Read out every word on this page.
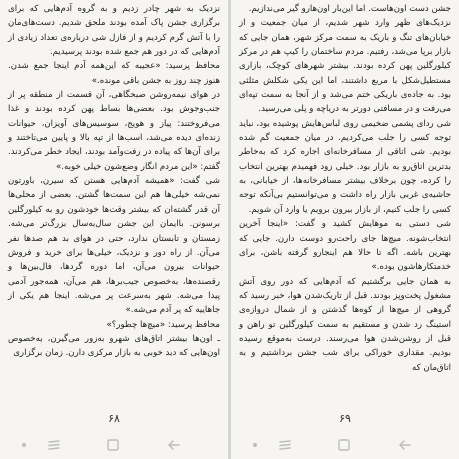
نزدیک به شهر چادر زدیم و به گروه آدم‌هایی که برای برگزاری جشن پاک آمده بودند ملحق شدیم. دست‌های‌مان را با آتش گرم کردیم و از فازل شی درباره‌ی تعداد زیادی از آدم‌هایی که در دور هم جمع شده بودند پرسیدیم.

محافظ پرسید: «عجیبه که این‌همه آدم اینجا جمع شدن. هنوز چند روز به جشن باقی مونده.»

در هوای نیمه‌روشن صبحگاهی، آن قسمت از منطقه پر از جنب‌وجوش بود. بعضی‌ها بساط پهن کرده بودند و غذا می‌فروختند: پیاز و هویج، سوسیس‌های آویزان، حیوانات زنده‌ای دیده می‌شد، اسب‌ها از تپه بالا و پایین می‌تاختند و برای آن‌ها که پیاده در رفت‌وآمد بودند، ایجاد خطر می‌کردند. گفتم: «این مردم انگار وضع‌شون خیلی خوبه.»

شی گفت: «همیشه آدم‌هایی هستن که سیرن، باورتون نمی‌شه خیلی‌ها هم این سمت‌ها گشتن. بعضی از محلی‌ها آن قدر گشته‌ان که بیشتر وقت‌ها خودشون رو به کیلورگلین برسونن. باایمان این جشن سال‌به‌سال بزرگ‌تر می‌شه. زمستان و تابستان ندارد، حتی در هوای بد هم صدها نفر می‌آن. از راه دور و نزدیک، خیلی‌ها برای خرید و فروش حیوانات بیرون می‌آن، اما دوره گردها، فال‌بین‌ها و رقصنده‌ها، به‌خصوص جیب‌برها، هم می‌آن، همه‌جور آدمی پیدا می‌شه. شهر به‌سرعت پر می‌شه. اینجا هم یکی از جاهاییه که پر آدم می‌شه.»

محافظ پرسید: «میچ‌ها چطور؟»

ـ اون‌ها بیشتر اتاق‌های شهرو به‌زور می‌گیرن، به‌خصوص اون‌هایی که دید خوبی به بازار مرکزی دارن. زمان برگزاری

۶۸

جشن دست اون‌هاست. اما این‌بار اون‌هارو گیر می‌ندازیم.

نزدیک‌های ظهر وارد شهر شدیم، از میان جمعیت و از خیابان‌های تنگ و باریک به سمت مرکز شهر، همان جایی که بازار برپا می‌شد، رفتیم. مردم ساختمان را کیپ هم در مرکز کیلورگلین پهن کرده بودند. بیشتر شهرهای کوچک، بازاری مستطیل‌شکل با مربع داشتند، اما این یکی شکلش مثلثی بود. به جاده‌ی باریکی ختم می‌شد و از آنجا به سمت تپه‌ای می‌رفت و در مسافتی دورتر به دریاچه و پلی می‌رسید.

شی ردای پشمی ضخیمی روی لباس‌هایش پوشیده بود، نباید توجه کسی را جلب می‌کردیم. در میان جمعیت گم شده بودیم. شی اتاقی از مسافرخانه‌ای اجاره کرد که به‌خاطر بدترین اتاق‌رو به بازار بود. خیلی زود فهمیدم بهترین انتخاب را کرده، چون برخلاف بیشتر مسافرخانه‌ها، از خیابانی، به حاشیه‌ی غربی بازار راه داشت و می‌توانستیم بی‌آنکه توجه کسی را جلب کنیم، از بازار بیرون برویم یا وارد آن شویم.

شی دستی به موهایش کشید و گفت: «اینجا آخرین انتخاب‌شونه. میچ‌ها جای راحت‌رو دوست دارن. جایی که بهترین باشه. اگه تا حالا هم اینجارو گرفته باشن، برای خدمتکارهاشون بوده.»

به همان جایی برگشتیم که آدم‌هایی که دور روی آتش مشغول پخت‌وپز بودند. قبل از تاریک‌شدن هوا، خبر رسید که گروهی از میچ‌ها از کوه‌ها گذشتن و از شمال دروازه‌ی استینگ رد شدن و مستقیم به سمت کیلورگلین تو راهن و قبل از روشن‌شدن هوا می‌رسند. درست به‌موقع رسیده بودیم. مقداری خوراکی برای شب جشن برداشتیم و به اتاق‌مان که

۶۹
